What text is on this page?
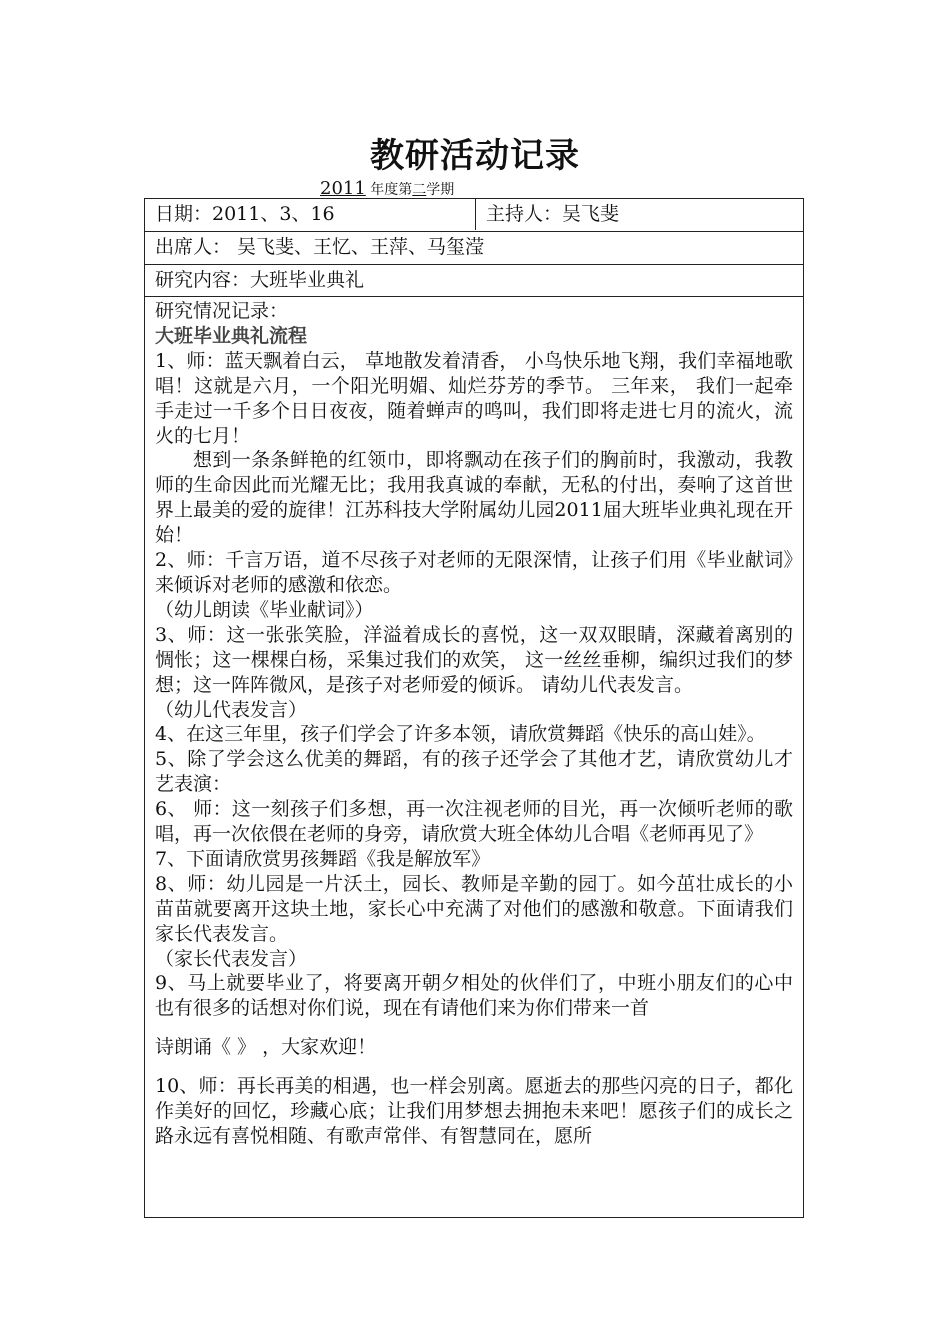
教研活动记录
2011 年度第二学期
日期：2011、3、16	主持人：吴飞斐
出席人： 吴飞斐、王忆、王萍、马玺滢
研究内容：大班毕业典礼

研究情况记录：

大班毕业典礼流程

1、师：蓝天飘着白云， 草地散发着清香， 小鸟快乐地飞翔，我们幸福地歌唱！这就是六月，一个阳光明媚、灿烂芬芳的季节。 三年来， 我们一起牵手走过一千多个日日夜夜，随着蝉声的鸣叫，我们即将走进七月的流火，流火的七月！

想到一条条鲜艳的红领巾，即将飘动在孩子们的胸前时，我激动，我教师的生命因此而光耀无比；我用我真诚的奉献，无私的付出，奏响了这首世界上最美的爱的旋律！江苏科技大学附属幼儿园2011届大班毕业典礼现在开始！

2、师：千言万语，道不尽孩子对老师的无限深情，让孩子们用《毕业献词》来倾诉对老师的感激和依恋。

（幼儿朗读《毕业献词》）

3、师：这一张张笑脸，洋溢着成长的喜悦，这一双双眼睛，深藏着离别的惆怅；这一棵棵白杨，采集过我们的欢笑， 这一丝丝垂柳，编织过我们的梦想；这一阵阵微风，是孩子对老师爱的倾诉。 请幼儿代表发言。

（幼儿代表发言）

4、在这三年里，孩子们学会了许多本领，请欣赏舞蹈《快乐的高山娃》。

5、除了学会这么优美的舞蹈，有的孩子还学会了其他才艺，请欣赏幼儿才艺表演：

6、 师：这一刻孩子们多想，再一次注视老师的目光，再一次倾听老师的歌唱，再一次依偎在老师的身旁，请欣赏大班全体幼儿合唱《老师再见了》

7、下面请欣赏男孩舞蹈《我是解放军》

8、师：幼儿园是一片沃土，园长、教师是辛勤的园丁。如今茁壮成长的小苗苗就要离开这块土地，家长心中充满了对他们的感激和敬意。下面请我们家长代表发言。

（家长代表发言）

9、马上就要毕业了，将要离开朝夕相处的伙伴们了，中班小朋友们的心中也有很多的话想对你们说，现在有请他们来为你们带来一首

诗朗诵《 》 ，大家欢迎！

10、师：再长再美的相遇，也一样会别离。愿逝去的那些闪亮的日子，都化作美好的回忆，珍藏心底；让我们用梦想去拥抱未来吧！愿孩子们的成长之路永远有喜悦相随、有歌声常伴、有智慧同在，愿所
